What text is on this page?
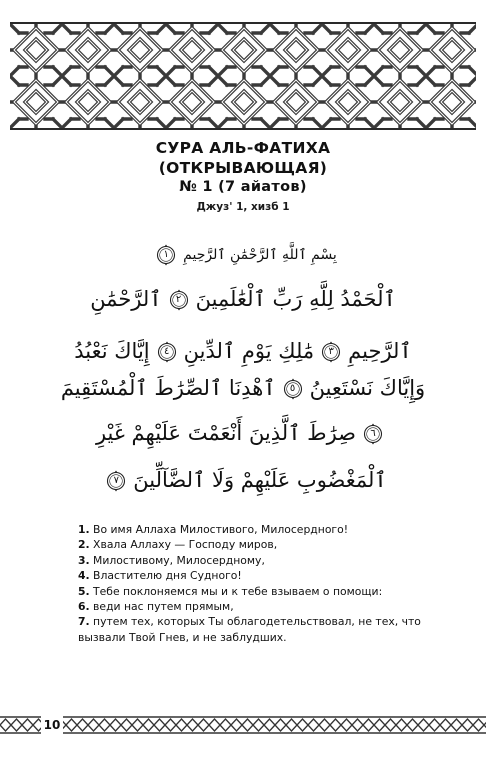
СУРА АЛЬ-ФАТИХА
(ОТКРЫВАЮЩАЯ)
№ 1 (7 айатов)
Джуз' 1, хизб 1
بِسْمِ ٱللَّهِ ٱلرَّحْمَٰنِ ٱلرَّحِيمِ
١
ٱلْحَمْدُ لِلَّهِ رَبِّ ٱلْعَٰلَمِينَ
٢
ٱلرَّحْمَٰنِ
ٱلرَّحِيمِ
٣
مَٰلِكِ يَوْمِ ٱلدِّينِ
٤
إِيَّاكَ نَعْبُدُ
وَإِيَّاكَ نَسْتَعِينُ
٥
ٱهْدِنَا ٱلصِّرَٰطَ ٱلْمُسْتَقِيمَ
٦
صِرَٰطَ ٱلَّذِينَ أَنْعَمْتَ عَلَيْهِمْ غَيْرِ
ٱلْمَغْضُوبِ عَلَيْهِمْ وَلَا ٱلضَّآلِّينَ
٧

1. Во имя Аллаха Милостивого, Милосердного!

2. Хвала Аллаху — Господу миров,

3. Милостивому, Милосердному,

4. Властителю дня Судного!

5. Тебе поклоняемся мы и к тебе взываем о помощи:

6. веди нас путем прямым,

7. путем тех, которых Ты облагодетельствовал, не тех, что вызвали Твой Гнев, и не заблудших.

10
